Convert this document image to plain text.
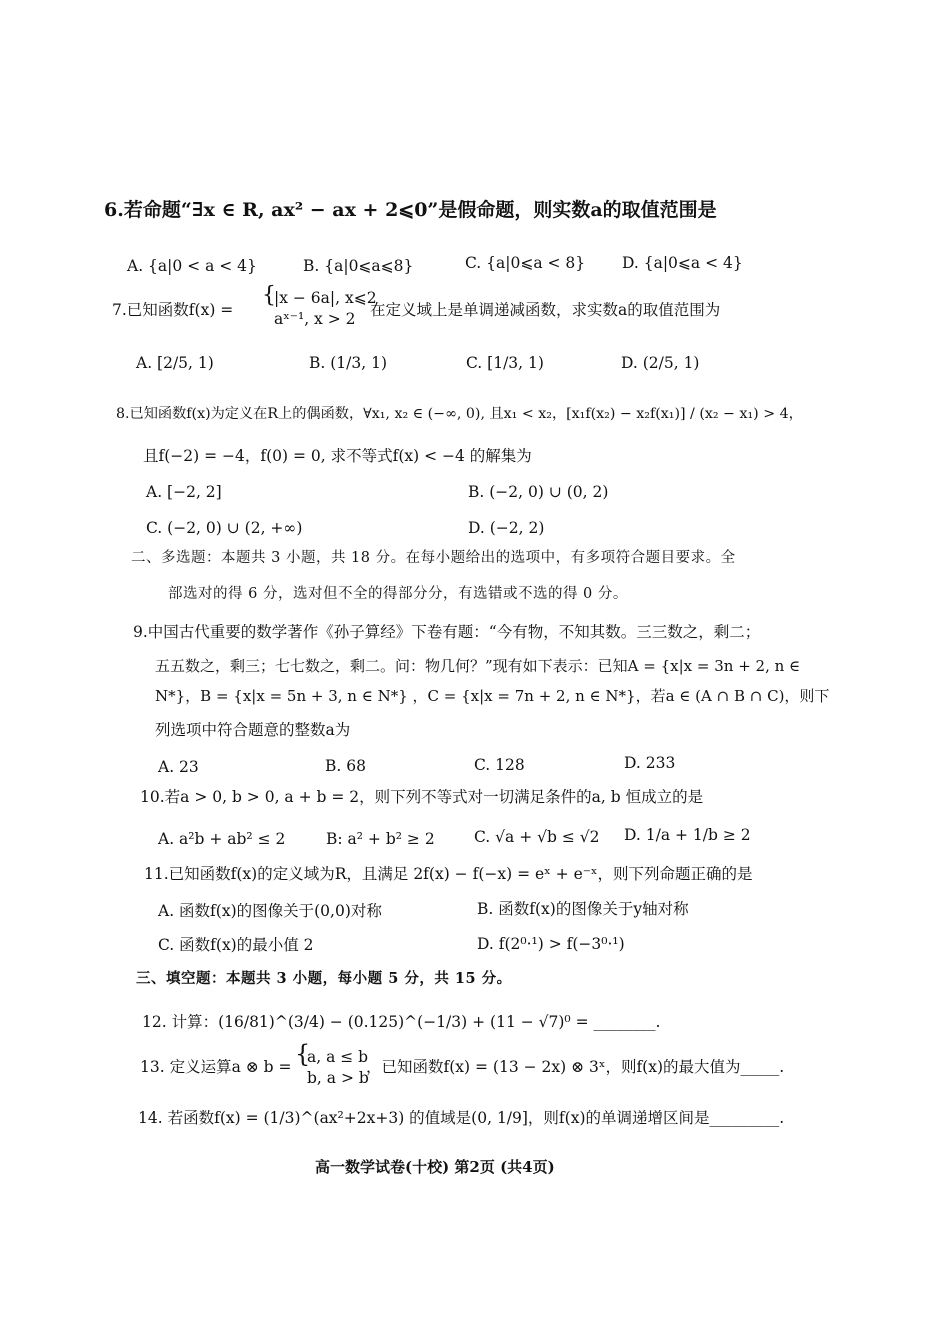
6.若命题“∃x ∈ R, ax² − ax + 2⩽0”是假命题，则实数a的取值范围是
A. {a|0 < a < 4}	B. {a|0⩽a⩽8}	C. {a|0⩽a < 8} D. {a|0⩽a < 4}
7.已知函数f(x) =
{
|x − 6a|, x⩽2
aˣ⁻¹, x > 2 在定义域上是单调递减函数，求实数a的取值范围为
A. [2/5, 1)	B. (1/3, 1)	C. [1/3, 1)	D. (2/5, 1)
8.已知函数f(x)为定义在R上的偶函数，∀x₁, x₂ ∈ (−∞, 0), 且x₁ < x₂，[x₁f(x₂) − x₂f(x₁)] / (x₂ − x₁) > 4，
且f(−2) = −4，f(0) = 0, 求不等式f(x) < −4 的解集为
A. [−2, 2]	B. (−2, 0) ∪ (0, 2)
C. (−2, 0) ∪ (2, +∞)	D. (−2, 2)
二、多选题：本题共 3 小题，共 18 分。在每小题给出的选项中，有多项符合题目要求。全
部选对的得 6 分，选对但不全的得部分分，有选错或不选的得 0 分。
9.中国古代重要的数学著作《孙子算经》下卷有题：“今有物，不知其数。三三数之，剩二；
五五数之，剩三；七七数之，剩二。问：物几何？”现有如下表示：已知A = {x|x = 3n + 2, n ∈
N*}，B = {x|x = 5n + 3, n ∈ N*} ，C = {x|x = 7n + 2, n ∈ N*}，若a ∈ (A ∩ B ∩ C)，则下
列选项中符合题意的整数a为
A. 23	B. 68	C. 128	D. 233
10.若a > 0, b > 0, a + b = 2，则下列不等式对一切满足条件的a, b 恒成立的是
A. a²b + ab² ≤ 2	B: a² + b² ≥ 2	C. √a + √b ≤ √2 D. 1/a + 1/b ≥ 2
11.已知函数f(x)的定义域为R，且满足 2f(x) − f(−x) = eˣ + e⁻ˣ，则下列命题正确的是
A. 函数f(x)的图像关于(0,0)对称	B. 函数f(x)的图像关于y轴对称
C. 函数f(x)的最小值 2	D. f(2⁰·¹) > f(−3⁰·¹)
三、填空题：本题共 3 小题，每小题 5 分，共 15 分。
12. 计算：(16/81)^(3/4) − (0.125)^(−1/3) + (11 − √7)⁰ = ________.
13. 定义运算a ⊗ b = {
a, a ≤ b
b, a > b
，已知函数f(x) = (13 − 2x) ⊗ 3ˣ，则f(x)的最大值为_____.
14. 若函数f(x) = (1/3)^(ax²+2x+3) 的值域是(0, 1/9]，则f(x)的单调递增区间是_________.
高一数学试卷(十校) 第2页 (共4页)
